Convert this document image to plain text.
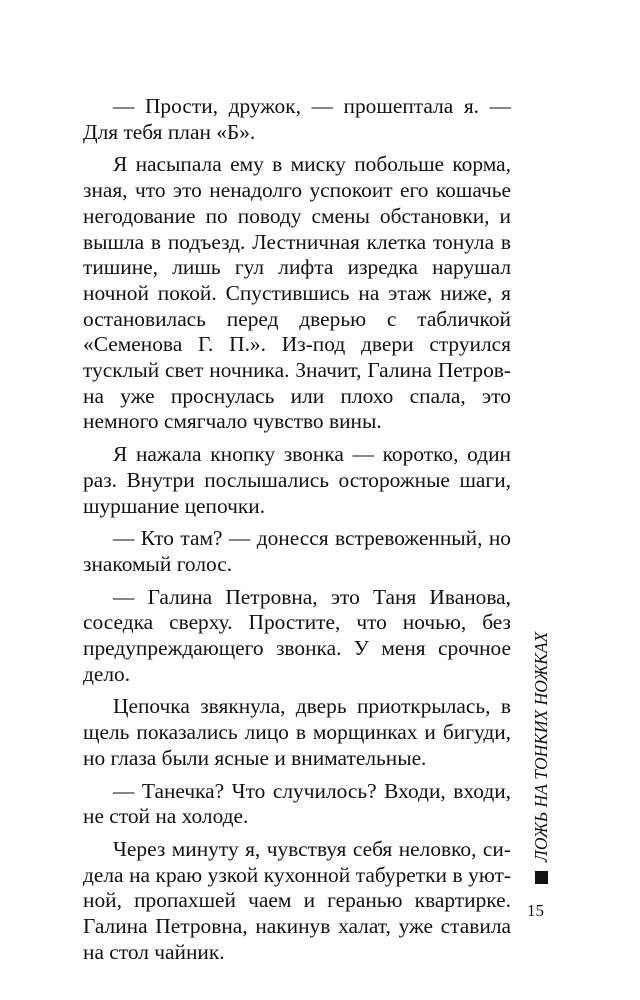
— Прости, дружок, — прошептала я. — Для тебя план «Б».

Я насыпала ему в миску побольше корма, зная, что это ненадолго успокоит его кошачье негодование по поводу смены обстановки, и вышла в подъезд. Лестничная клетка тонула в тишине, лишь гул лифта изредка нарушал ночной покой. Спустившись на этаж ниже, я остановилась перед дверью с табличкой «Семенова Г. П.». Из-под двери струился тусклый свет ночника. Значит, Галина Петровна уже проснулась или плохо спала, это немного смягчало чувство вины.

Я нажала кнопку звонка — коротко, один раз. Внутри послышались осторожные шаги, шуршание цепочки.

— Кто там? — донесся встревоженный, но знакомый голос.

— Галина Петровна, это Таня Иванова, соседка сверху. Простите, что ночью, без предупреждающего звонка. У меня срочное дело.

Цепочка звякнула, дверь приоткрылась, в щель показались лицо в морщинках и бигуди, но глаза были ясные и внимательные.

— Танечка? Что случилось? Входи, входи, не стой на холоде.

Через минуту я, чувствуя себя неловко, сидела на краю узкой кухонной табуретки в уютной, пропахшей чаем и геранью квартирке. Галина Петровна, накинув халат, уже ставила на стол чайник.

ЛОЖЬ НА ТОНКИХ НОЖКАХ
15
